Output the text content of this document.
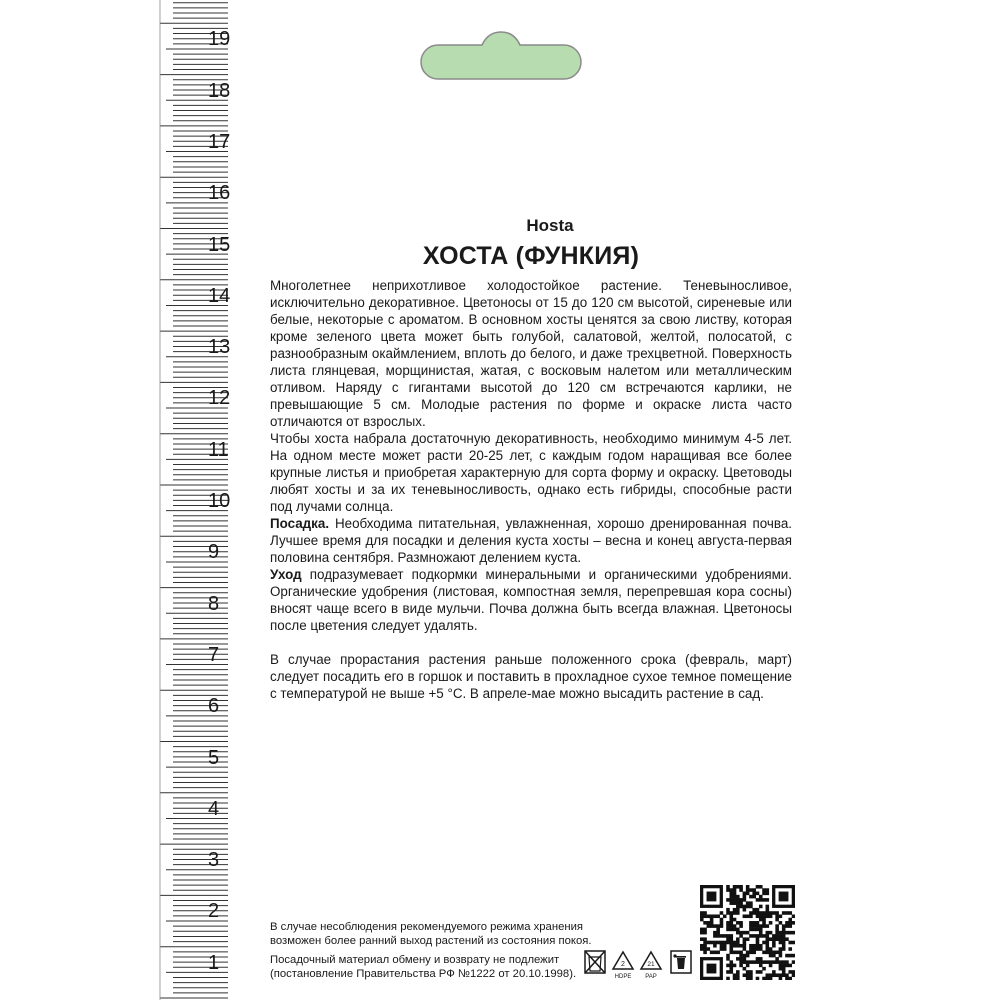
19
18
17
16
15
14
13
12
11
10
9
8
7
6
5
4
3
2
1
Hosta
ХОСТА (ФУНКИЯ)

Многолетнее неприхотливое холодостойкое растение. Теневыносливое, исключительно декоративное. Цветоносы от 15 до 120 см высотой, сиреневые или белые, некоторые с ароматом. В основном хосты ценятся за свою листву, которая кроме зеленого цвета может быть голубой, салатовой, желтой, полосатой, с разнообразным окаймлением, вплоть до белого, и даже трехцветной. Поверхность листа глянцевая, морщинистая, жатая, с восковым налетом или металлическим отливом. Наряду с гигантами высотой до 120 см встречаются карлики, не превышающие 5 см. Молодые растения по форме и окраске листа часто отличаются от взрослых.

Чтобы хоста набрала достаточную декоративность, необходимо минимум 4-5 лет. На одном месте может расти 20-25 лет, с каждым годом наращивая все более крупные листья и приобретая характерную для сорта форму и окраску. Цветоводы любят хосты и за их теневыносливость, однако есть гибриды, способные расти под лучами солнца.

Посадка. Необходима питательная, увлажненная, хорошо дренированная почва. Лучшее время для посадки и деления куста хосты – весна и конец августа-первая половина сентября. Размножают делением куста.

Уход подразумевает подкормки минеральными и органическими удобрениями. Органические удобрения (листовая, компостная земля, перепревшая кора сосны) вносят чаще всего в виде мульчи. Почва должна быть всегда влажная. Цветоносы после цветения следует удалять.

В случае прорастания растения раньше положенного срока (февраль, март) следует посадить его в горшок и поставить в прохладное сухое темное помещение с температурой не выше +5 °С. В апреле-мае можно высадить растение в сад.

В случае несоблюдения рекомендуемого режима хранения возможен более ранний выход растений из состояния покоя.
Посадочный материал обмену и возврату не подлежит (постановление Правительства РФ №1222 от 20.10.1998).
2
HDPE
21
PAP
